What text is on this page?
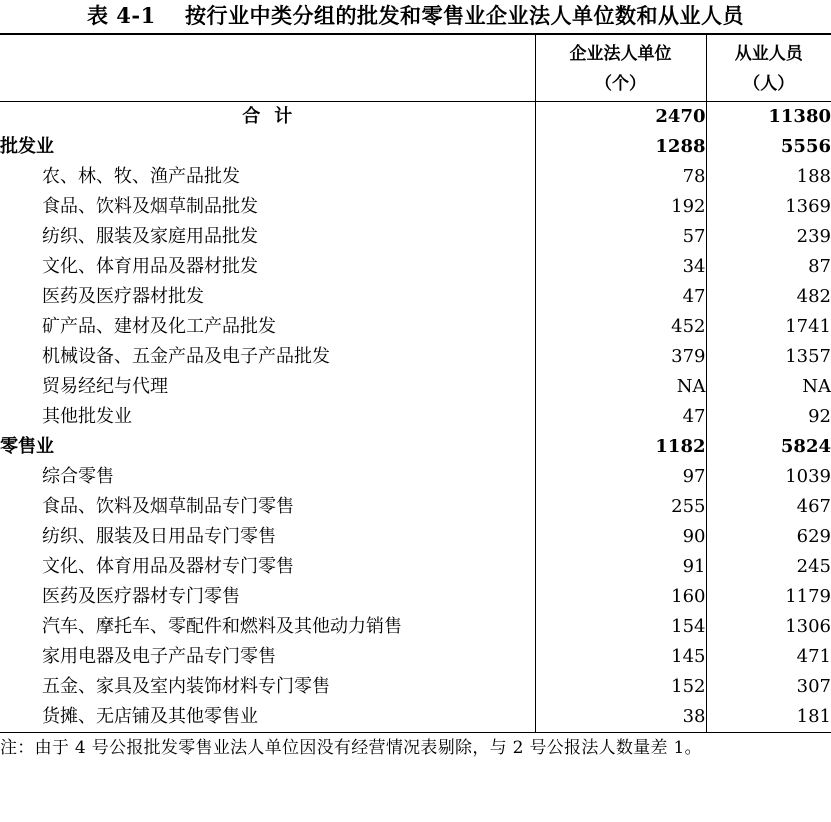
表 4-1　 按行业中类分组的批发和零售业企业法人单位数和从业人员
	企业法人单位	从业人员
	（个）	（人）
合计	2470	11380
批发业	1288	5556
农、林、牧、渔产品批发	78	188
食品、饮料及烟草制品批发	192	1369
纺织、服装及家庭用品批发	57	239
文化、体育用品及器材批发	34	87
医药及医疗器材批发	47	482
矿产品、建材及化工产品批发	452	1741
机械设备、五金产品及电子产品批发	379	1357
贸易经纪与代理	NA	NA
其他批发业	47	92
零售业	1182	5824
综合零售	97	1039
食品、饮料及烟草制品专门零售	255	467
纺织、服装及日用品专门零售	90	629
文化、体育用品及器材专门零售	91	245
医药及医疗器材专门零售	160	1179
汽车、摩托车、零配件和燃料及其他动力销售	154	1306
家用电器及电子产品专门零售	145	471
五金、家具及室内装饰材料专门零售	152	307
货摊、无店铺及其他零售业	38	181
注：由于 4 号公报批发零售业法人单位因没有经营情况表剔除，与 2 号公报法人数量差 1。
